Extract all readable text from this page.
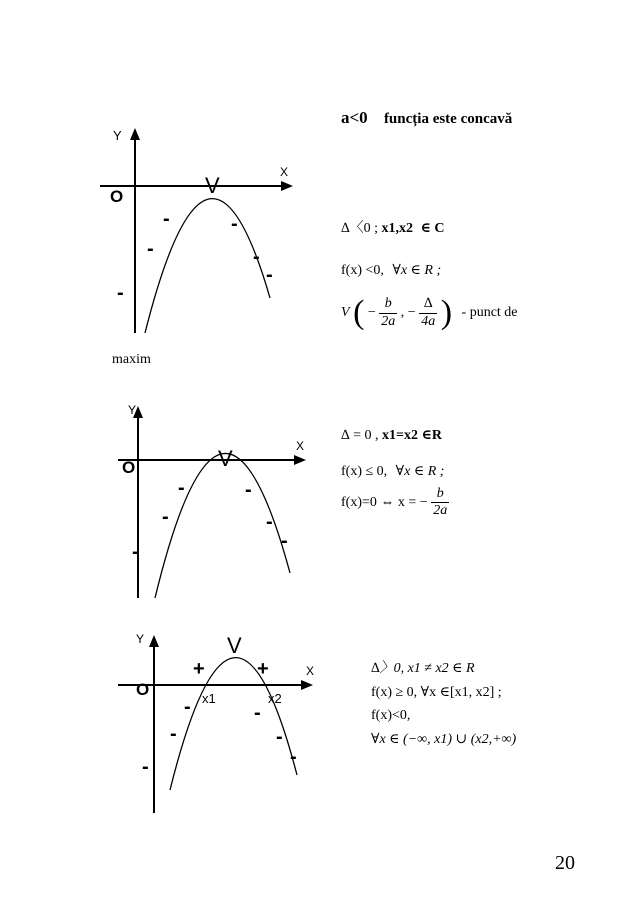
a<0 funcția este concavă
Y
X
O	V
-	-
-	-
-
-
∆〈0 ; x1,x2 ∈ C
f(x) <0, ∀x ∈ R ;
V ( − $\frac{b}{2a}$ , − $\frac{\Delta}{4a}$ ) - punct de
maxim
Y
X
O	V
-	-
-	-
-
-
∆ = 0 , x1=x2 ∈R
f(x) ≤ 0, ∀x ∈ R ;
f(x)=0 ⇔ x = − $\frac{b}{2a}$
Y
X
O
V
+	+
x1	x2
-	-
-	-
-
-
∆〉0, x1 ≠ x2 ∈ R
f(x) ≥ 0, ∀x ∈[x1, x2] ;
f(x)<0,
∀x ∈ (−∞, x1) ∪ (x2,+∞)
20
